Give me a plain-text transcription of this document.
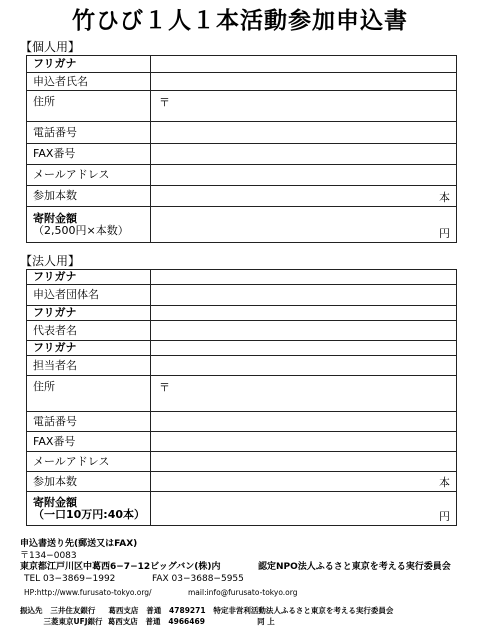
竹ひび１人１本活動参加申込書
【個人用】
フリガナ	
申込者氏名	
住所	〒

電話番号	
FAX番号	
メールアドレス	
参加本数	本

寄附金額
（2,500円×本数）	円
【法人用】
フリガナ	
申込者団体名	
フリガナ	
代表者名	
フリガナ	
担当者名	
住所	〒

電話番号	
FAX番号	
メールアドレス	
参加本数	本

寄附金額
（一口10万円:40本）	円
申込書送り先(郵送又はFAX)
〒134−0083
東京都江戸川区中葛西6−7−12ビッグバン(株)内	認定NPO法人ふるさと東京を考える実行委員会
TEL 03−3869−1992	FAX 03−3688−5955
HP:http://www.furusato-tokyo.org/	mail:info@furusato-tokyo.org
振込先   三井住友銀行     葛西支店   普通   4789271   特定非営利活動法人ふるさと東京を考える実行委員会
三菱東京UFJ銀行  葛西支店   普通   4966469                    同 上
